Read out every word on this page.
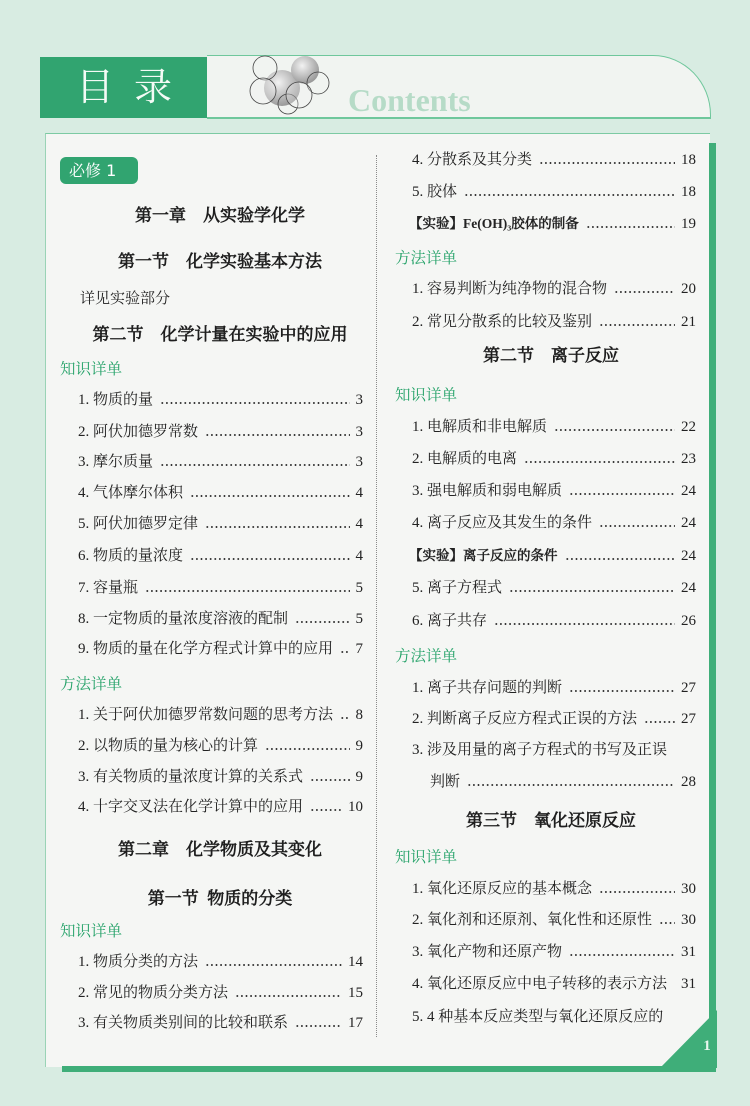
目录	Contents
1
必修 1
第一章　从实验学化学
第一节　化学实验基本方法
详见实验部分
第二节　化学计量在实验中的应用
知识详单
1. 物质的量	3
2. 阿伏加德罗常数	3
3. 摩尔质量	3
4. 气体摩尔体积	4
5. 阿伏加德罗定律	4
6. 物质的量浓度	4
7. 容量瓶	5
8. 一定物质的量浓度溶液的配制	5
9. 物质的量在化学方程式计算中的应用 7
方法详单
1. 关于阿伏加德罗常数问题的思考方法 8
2. 以物质的量为核心的计算	9
3. 有关物质的量浓度计算的关系式	9
4. 十字交叉法在化学计算中的应用	10
第二章　化学物质及其变化
第一节  物质的分类
知识详单
1. 物质分类的方法	14
2. 常见的物质分类方法	15
3. 有关物质类别间的比较和联系	17
4. 分散系及其分类	18
5. 胶体	18
【实验】Fe(OH)₃胶体的制备	19
方法详单
1. 容易判断为纯净物的混合物	20
2. 常见分散系的比较及鉴别	21
第二节　离子反应
知识详单
1. 电解质和非电解质	22
2. 电解质的电离	23
3. 强电解质和弱电解质	24
4. 离子反应及其发生的条件	24
【实验】离子反应的条件	24
5. 离子方程式	24
6. 离子共存	26
方法详单
1. 离子共存问题的判断	27
2. 判断离子反应方程式正误的方法	27
3. 涉及用量的离子方程式的书写及正误
判断	28
第三节　氧化还原反应
知识详单
1. 氧化还原反应的基本概念	30
2. 氧化剂和还原剂、氧化性和还原性 30
3. 氧化产物和还原产物	31
4. 氧化还原反应中电子转移的表示方法 31
5. 4 种基本反应类型与氧化还原反应的
